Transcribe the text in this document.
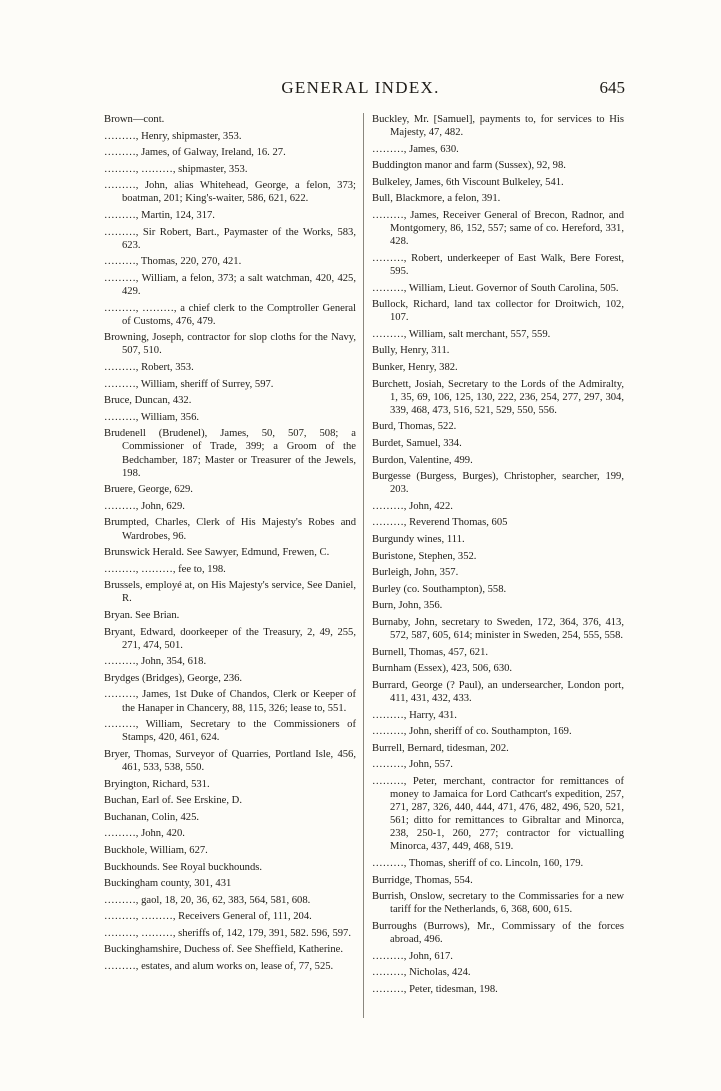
GENERAL INDEX.	645
Brown—cont.
………, Henry, shipmaster, 353.
………, James, of Galway, Ireland, 16. 27.
………, ………, shipmaster, 353.
………, John, alias Whitehead, George, a felon, 373; boatman, 201; King's-waiter, 586, 621, 622.
………, Martin, 124, 317.
………, Sir Robert, Bart., Paymaster of the Works, 583, 623.
………, Thomas, 220, 270, 421.
………, William, a felon, 373; a salt watchman, 420, 425, 429.
………, ………, a chief clerk to the Comptroller General of Customs, 476, 479.
Browning, Joseph, contractor for slop cloths for the Navy, 507, 510.
………, Robert, 353.
………, William, sheriff of Surrey, 597.
Bruce, Duncan, 432.
………, William, 356.
Brudenell (Brudenel), James, 50, 507, 508; a Commissioner of Trade, 399; a Groom of the Bedchamber, 187; Master or Treasurer of the Jewels, 198.
Bruere, George, 629.
………, John, 629.
Brumpted, Charles, Clerk of His Majesty's Robes and Wardrobes, 96.
Brunswick Herald. See Sawyer, Edmund, Frewen, C.
………, ………, fee to, 198.
Brussels, employé at, on His Majesty's service, See Daniel, R.
Bryan. See Brian.
Bryant, Edward, doorkeeper of the Treasury, 2, 49, 255, 271, 474, 501.
………, John, 354, 618.
Brydges (Bridges), George, 236.
………, James, 1st Duke of Chandos, Clerk or Keeper of the Hanaper in Chancery, 88, 115, 326; lease to, 551.
………, William, Secretary to the Commissioners of Stamps, 420, 461, 624.
Bryer, Thomas, Surveyor of Quarries, Portland Isle, 456, 461, 533, 538, 550.
Bryington, Richard, 531.
Buchan, Earl of. See Erskine, D.
Buchanan, Colin, 425.
………, John, 420.
Buckhole, William, 627.
Buckhounds. See Royal buckhounds.
Buckingham county, 301, 431
………, gaol, 18, 20, 36, 62, 383, 564, 581, 608.
………, ………, Receivers General of, 111, 204.
………, ………, sheriffs of, 142, 179, 391, 582. 596, 597.
Buckinghamshire, Duchess of. See Sheffield, Katherine.
………, estates, and alum works on, lease of, 77, 525.
Buckley, Mr. [Samuel], payments to, for services to His Majesty, 47, 482.
………, James, 630.
Buddington manor and farm (Sussex), 92, 98.
Bulkeley, James, 6th Viscount Bulkeley, 541.
Bull, Blackmore, a felon, 391.
………, James, Receiver General of Brecon, Radnor, and Montgomery, 86, 152, 557; same of co. Hereford, 331, 428.
………, Robert, underkeeper of East Walk, Bere Forest, 595.
………, William, Lieut. Governor of South Carolina, 505.
Bullock, Richard, land tax collector for Droitwich, 102, 107.
………, William, salt merchant, 557, 559.
Bully, Henry, 311.
Bunker, Henry, 382.
Burchett, Josiah, Secretary to the Lords of the Admiralty, 1, 35, 69, 106, 125, 130, 222, 236, 254, 277, 297, 304, 339, 468, 473, 516, 521, 529, 550, 556.
Burd, Thomas, 522.
Burdet, Samuel, 334.
Burdon, Valentine, 499.
Burgesse (Burgess, Burges), Christopher, searcher, 199, 203.
………, John, 422.
………, Reverend Thomas, 605
Burgundy wines, 111.
Buristone, Stephen, 352.
Burleigh, John, 357.
Burley (co. Southampton), 558.
Burn, John, 356.
Burnaby, John, secretary to Sweden, 172, 364, 376, 413, 572, 587, 605, 614; minister in Sweden, 254, 555, 558.
Burnell, Thomas, 457, 621.
Burnham (Essex), 423, 506, 630.
Burrard, George (? Paul), an undersearcher, London port, 411, 431, 432, 433.
………, Harry, 431.
………, John, sheriff of co. Southampton, 169.
Burrell, Bernard, tidesman, 202.
………, John, 557.
………, Peter, merchant, contractor for remittances of money to Jamaica for Lord Cathcart's expedition, 257, 271, 287, 326, 440, 444, 471, 476, 482, 496, 520, 521, 561; ditto for remittances to Gibraltar and Minorca, 238, 250-1, 260, 277; contractor for victualling Minorca, 437, 449, 468, 519.
………, Thomas, sheriff of co. Lincoln, 160, 179.
Burridge, Thomas, 554.
Burrish, Onslow, secretary to the Commissaries for a new tariff for the Netherlands, 6, 368, 600, 615.
Burroughs (Burrows), Mr., Commissary of the forces abroad, 496.
………, John, 617.
………, Nicholas, 424.
………, Peter, tidesman, 198.
